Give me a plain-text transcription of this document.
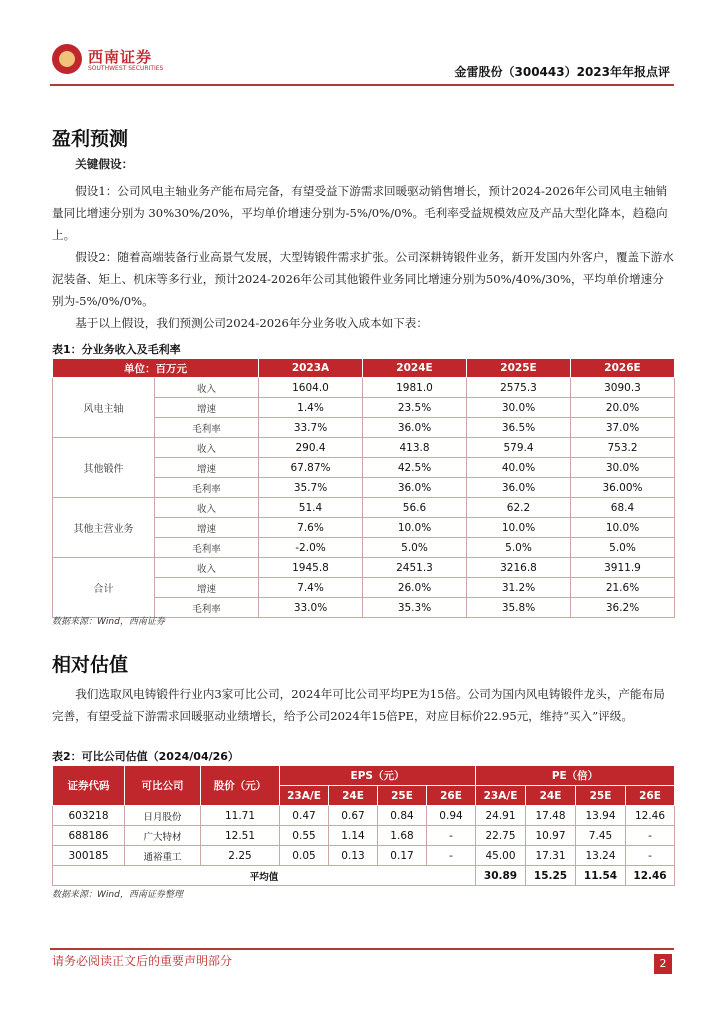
西南证券
SOUTHWEST SECURITIES	金雷股份（300443）2023年年报点评
盈利预测
关键假设：
假设1：公司风电主轴业务产能布局完备，有望受益下游需求回暖驱动销售增长，预计2024-2026年公司风电主轴销量同比增速分别为 30%30%/20%，平均单价增速分别为-5%/0%/0%。毛利率受益规模效应及产品大型化降本，趋稳向上。
假设2：随着高端装备行业高景气发展，大型铸锻件需求扩张。公司深耕铸锻件业务，新开发国内外客户，覆盖下游水泥装备、矩上、机床等多行业，预计2024-2026年公司其他锻件业务同比增速分别为50%/40%/30%，平均单价增速分别为-5%/0%/0%。
基于以上假设，我们预测公司2024-2026年分业务收入成本如下表：
表1：分业务收入及毛利率
单位：百万元		2023A	2024E	2025E	2026E
风电主轴	收入	1604.0	1981.0	2575.3	3090.3
	增速	1.4%	23.5%	30.0%	20.0%
	毛利率	33.7%	36.0%	36.5%	37.0%
其他锻件	收入	290.4	413.8	579.4	753.2
	增速	67.87%	42.5%	40.0%	30.0%
	毛利率	35.7%	36.0%	36.0%	36.00%
其他主营业务	收入	51.4	56.6	62.2	68.4
	增速	7.6%	10.0%	10.0%	10.0%
	毛利率	-2.0%	5.0%	5.0%	5.0%
合计	收入	1945.8	2451.3	3216.8	3911.9
	增速	7.4%	26.0%	31.2%	21.6%
	毛利率	33.0%	35.3%	35.8%	36.2%
数据来源：Wind，西南证券
相对估值
我们选取风电铸锻件行业内3家可比公司，2024年可比公司平均PE为15倍。公司为国内风电铸锻件龙头，产能布局完善，有望受益下游需求回暖驱动业绩增长，给予公司2024年15倍PE，对应目标价22.95元，维持“买入”评级。
表2：可比公司估值（2024/04/26）
证券代码	可比公司	股价（元）	EPS（元）				PE（倍）			
			23A/E	24E	25E	26E	23A/E	24E	25E	26E
603218	日月股份	11.71	0.47	0.67	0.84	0.94	24.91	17.48	13.94	12.46
688186	广大特材	12.51	0.55	1.14	1.68	-	22.75	10.97	7.45	-
300185	通裕重工	2.25	0.05	0.13	0.17	-	45.00	17.31	13.24	-
平均值							30.89	15.25	11.54	12.46
数据来源：Wind，西南证券整理
请务必阅读正文后的重要声明部分	2
